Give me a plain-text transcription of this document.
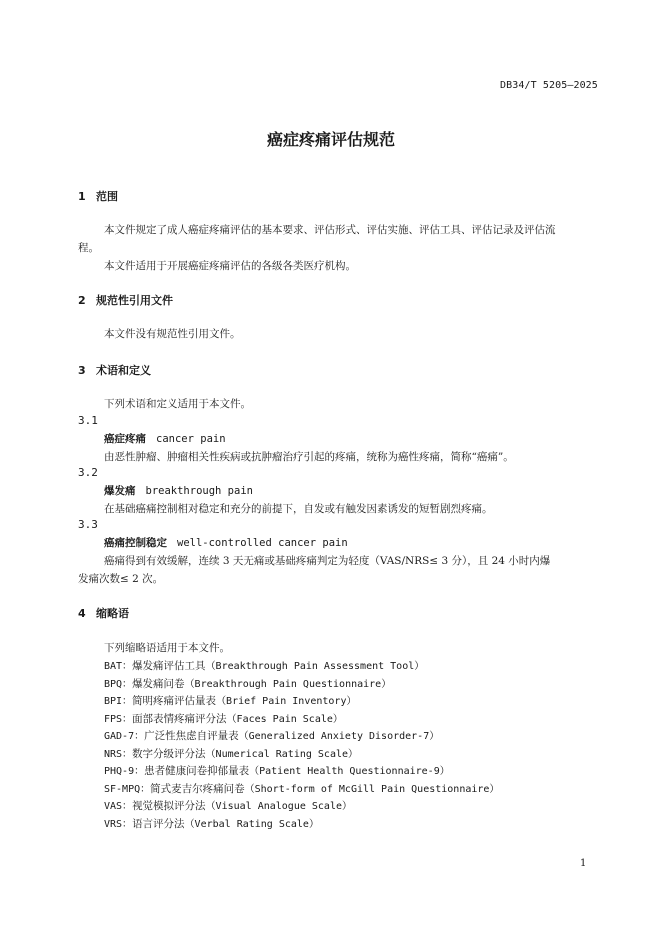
DB34/T 5205—2025
癌症疼痛评估规范
1 范围
本文件规定了成人癌症疼痛评估的基本要求、评估形式、评估实施、评估工具、评估记录及评估流
程。
本文件适用于开展癌症疼痛评估的各级各类医疗机构。
2 规范性引用文件
本文件没有规范性引用文件。
3 术语和定义
下列术语和定义适用于本文件。
3.1
癌症疼痛 cancer pain
由恶性肿瘤、肿瘤相关性疾病或抗肿瘤治疗引起的疼痛，统称为癌性疼痛，简称“癌痛”。
3.2
爆发痛 breakthrough pain
在基础癌痛控制相对稳定和充分的前提下，自发或有触发因素诱发的短暂剧烈疼痛。
3.3
癌痛控制稳定 well-controlled cancer pain
癌痛得到有效缓解，连续 3 天无痛或基础疼痛判定为轻度（VAS/NRS≤ 3 分），且 24 小时内爆
发痛次数≤ 2 次。
4 缩略语
下列缩略语适用于本文件。
BAT：爆发痛评估工具（Breakthrough Pain Assessment Tool）
BPQ：爆发痛问卷（Breakthrough Pain Questionnaire）
BPI：简明疼痛评估量表（Brief Pain Inventory）
FPS：面部表情疼痛评分法（Faces Pain Scale）
GAD-7：广泛性焦虑自评量表（Generalized Anxiety Disorder-7）
NRS：数字分级评分法（Numerical Rating Scale）
PHQ-9：患者健康问卷抑郁量表（Patient Health Questionnaire-9）
SF-MPQ：简式麦吉尔疼痛问卷（Short-form of McGill Pain Questionnaire）
VAS：视觉模拟评分法（Visual Analogue Scale）
VRS：语言评分法（Verbal Rating Scale）
1
